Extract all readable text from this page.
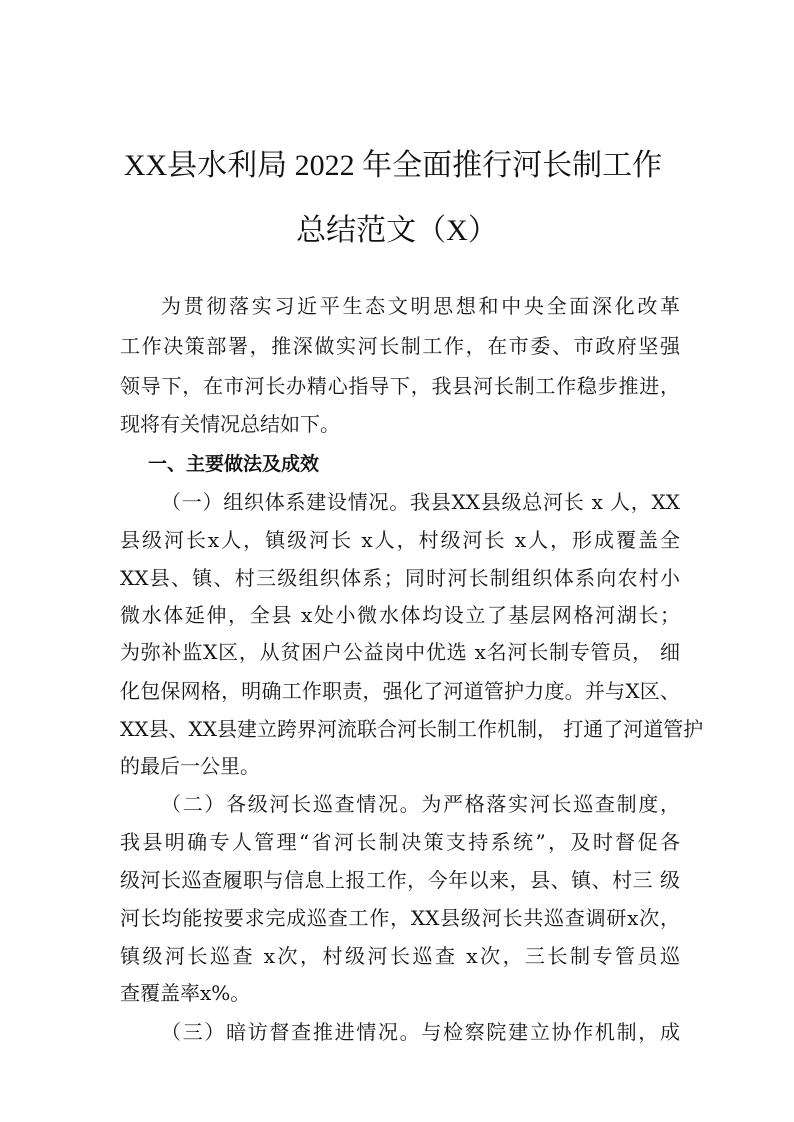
XX县水利局 2022 年全面推行河长制工作
总结范文（X）
为贯彻落实习近平生态文明思想和中央全面深化改革
工作决策部署，推深做实河长制工作，在市委、市政府坚强
领导下，在市河长办精心指导下，我县河长制工作稳步推进，
现将有关情况总结如下。
一、主要做法及成效
（一）组织体系建设情况。我县XX县级总河长 x 人，XX
县级河长x人，镇级河长 x人，村级河长 x人，形成覆盖全
XX县、镇、村三级组织体系；同时河长制组织体系向农村小
微水体延伸，全县 x处小微水体均设立了基层网格河湖长；
为弥补监X区，从贫困户公益岗中优选 x名河长制专管员， 细
化包保网格，明确工作职责，强化了河道管护力度。并与X区、
XX县、XX县建立跨界河流联合河长制工作机制， 打通了河道管护
的最后一公里。
（二）各级河长巡查情况。为严格落实河长巡查制度，
我县明确专人管理“省河长制决策支持系统”，及时督促各
级河长巡查履职与信息上报工作，今年以来，县、镇、村三 级
河长均能按要求完成巡查工作，XX县级河长共巡查调研x次，
镇级河长巡查 x次，村级河长巡查 x次，三长制专管员巡
查覆盖率x%。
（三）暗访督查推进情况。与检察院建立协作机制，成
